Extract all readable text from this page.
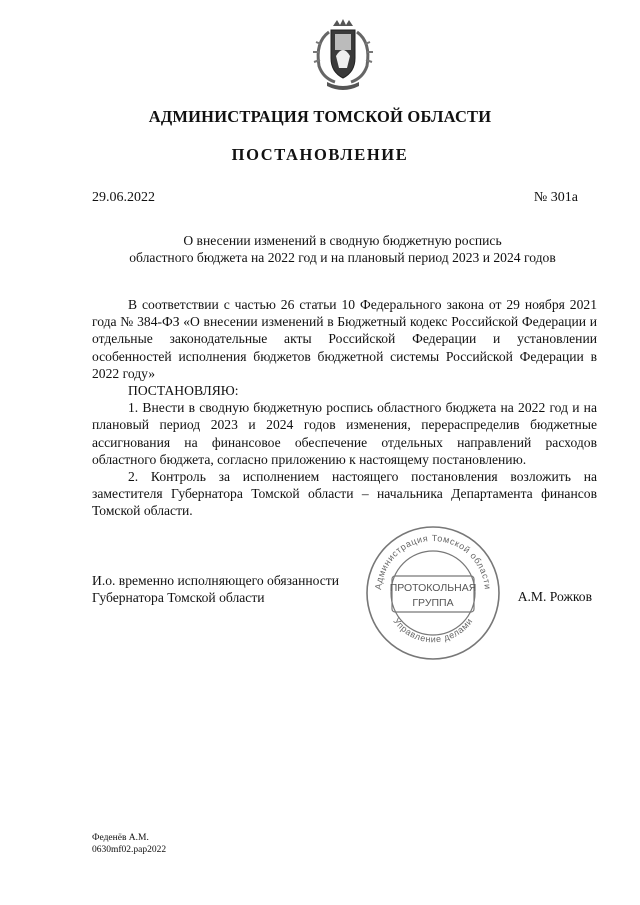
АДМИНИСТРАЦИЯ ТОМСКОЙ ОБЛАСТИ
ПОСТАНОВЛЕНИЕ
29.06.2022	№ 301а
О внесении изменений в сводную бюджетную роспись
областного бюджета на 2022 год и на плановый период 2023 и 2024 годов

В соответствии с частью 26 статьи 10 Федерального закона от 29 ноября 2021 года № 384-ФЗ «О внесении изменений в Бюджетный кодекс Российской Федерации и отдельные законодательные акты Российской Федерации и установлении особенностей исполнения бюджетов бюджетной системы Российской Федерации в 2022 году»

ПОСТАНОВЛЯЮ:

1. Внести в сводную бюджетную роспись областного бюджета на 2022 год и на плановый период 2023 и 2024 годов изменения, перераспределив бюджетные ассигнования на финансовое обеспечение отдельных направлений расходов областного бюджета, согласно приложению к настоящему постановлению.

2. Контроль за исполнением настоящего постановления возложить на заместителя Губернатора Томской области – начальника Департамента финансов Томской области.

И.о. временно исполняющего обязанности
Губернатора Томской области	А.М. Рожков
Администрация Томской области
Управление делами
ПРОТОКОЛЬНАЯ
ГРУППА
Феденёв А.М.
0630mf02.pap2022
